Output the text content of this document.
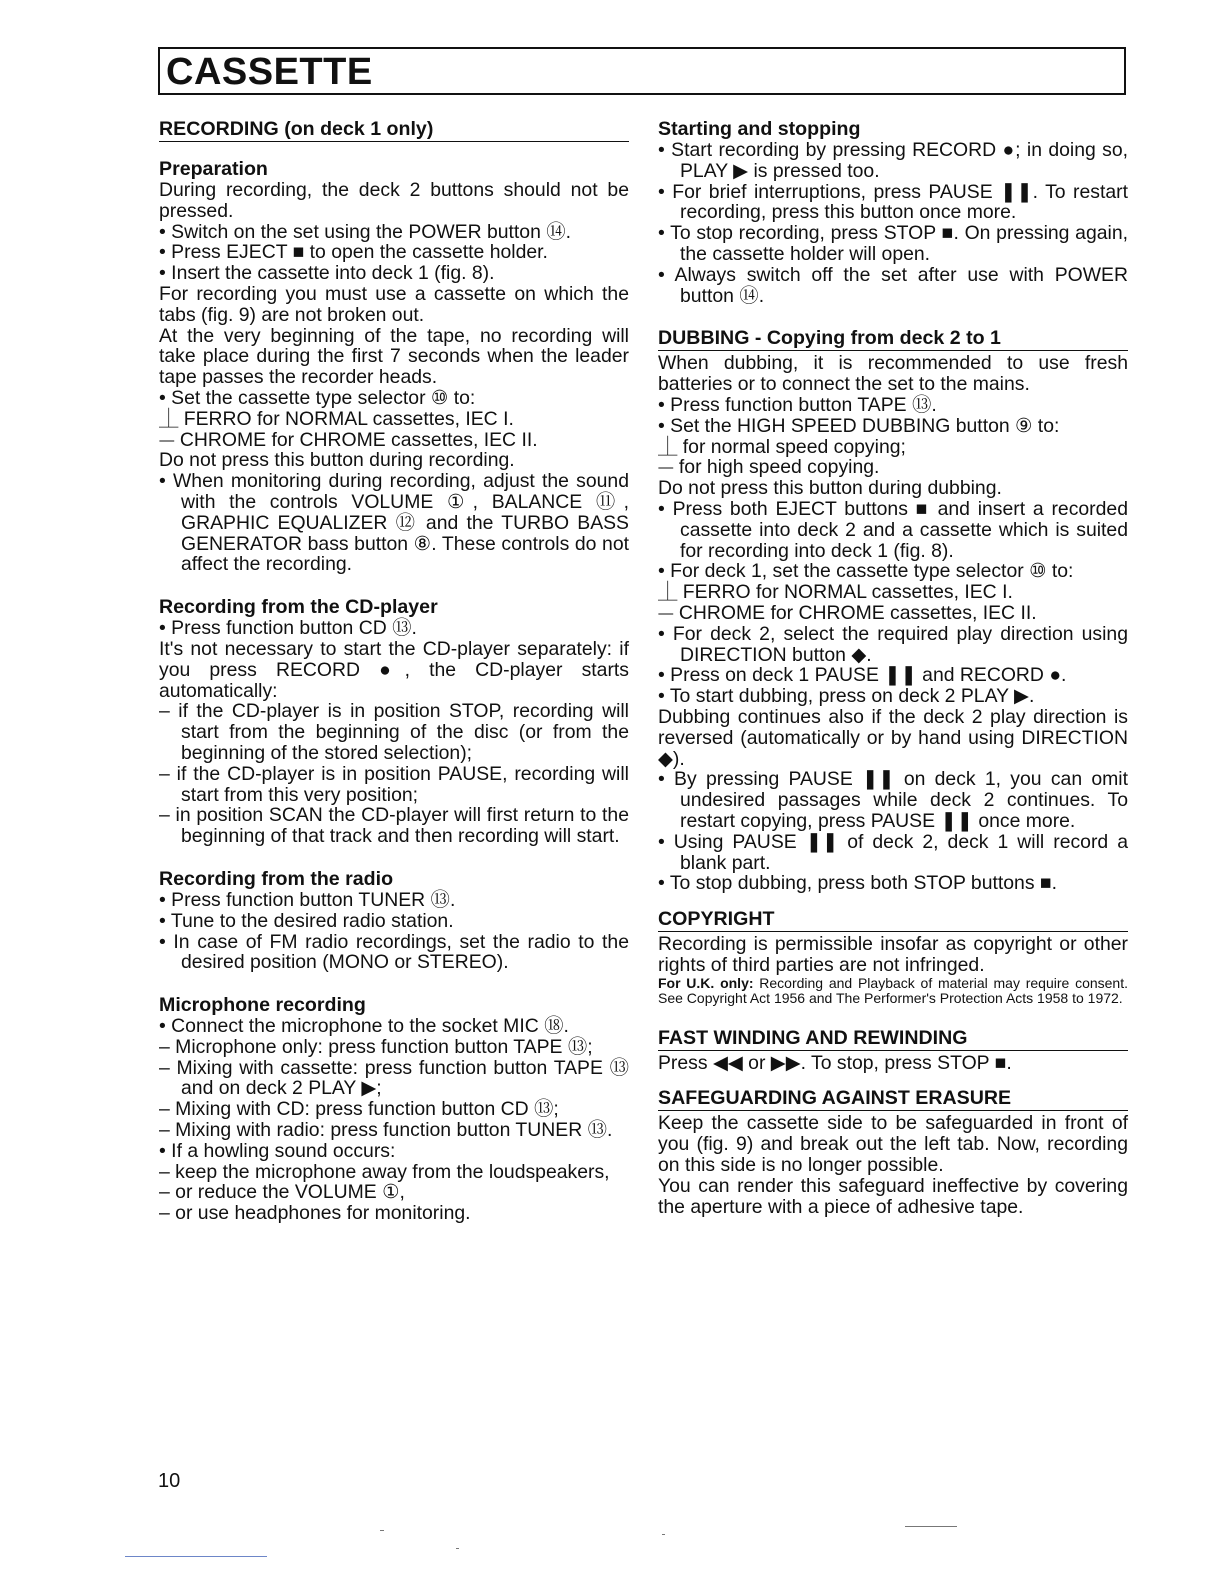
CASSETTE
RECORDING (on deck 1 only)

Preparation

During recording, the deck 2 buttons should not be pressed.

• Switch on the set using the POWER button ⑭.

• Press EJECT ■ to open the cassette holder.

• Insert the cassette into deck 1 (fig. 8).

For recording you must use a cassette on which the tabs (fig. 9) are not broken out.

At the very beginning of the tape, no recording will take place during the first 7 seconds when the leader tape passes the recorder heads.

• Set the cassette type selector ⑩ to:

⏊ FERRO for NORMAL cassettes, IEC I.

⏤ CHROME for CHROME cassettes, IEC II.

Do not press this button during recording.

• When monitoring during recording, adjust the sound with the controls VOLUME ①, BALANCE ⑪, GRAPHIC EQUALIZER ⑫ and the TURBO BASS GENERATOR bass button ⑧. These controls do not affect the recording.

Recording from the CD-player

• Press function button CD ⑬.

It's not necessary to start the CD-player separately: if you press RECORD ●, the CD-player starts automatically:

– if the CD-player is in position STOP, recording will start from the beginning of the disc (or from the beginning of the stored selection);

– if the CD-player is in position PAUSE, recording will start from this very position;

– in position SCAN the CD-player will first return to the beginning of that track and then recording will start.

Recording from the radio

• Press function button TUNER ⑬.

• Tune to the desired radio station.

• In case of FM radio recordings, set the radio to the desired position (MONO or STEREO).

Microphone recording

• Connect the microphone to the socket MIC ⑱.

– Microphone only: press function button TAPE ⑬;

– Mixing with cassette: press function button TAPE ⑬ and on deck 2 PLAY ▶;

– Mixing with CD: press function button CD ⑬;

– Mixing with radio: press function button TUNER ⑬.

• If a howling sound occurs:

– keep the microphone away from the loudspeakers,

– or reduce the VOLUME ①,

– or use headphones for monitoring.

Starting and stopping

• Start recording by pressing RECORD ●; in doing so, PLAY ▶ is pressed too.

• For brief interruptions, press PAUSE ❚❚. To restart recording, press this button once more.

• To stop recording, press STOP ■. On pressing again, the cassette holder will open.

• Always switch off the set after use with POWER button ⑭.

DUBBING - Copying from deck 2 to 1

When dubbing, it is recommended to use fresh batteries or to connect the set to the mains.

• Press function button TAPE ⑬.

• Set the HIGH SPEED DUBBING button ⑨ to:

⏊ for normal speed copying;

⏤ for high speed copying.

Do not press this button during dubbing.

• Press both EJECT buttons ■ and insert a recorded cassette into deck 2 and a cassette which is suited for recording into deck 1 (fig. 8).

• For deck 1, set the cassette type selector ⑩ to:

⏊ FERRO for NORMAL cassettes, IEC I.

⏤ CHROME for CHROME cassettes, IEC II.

• For deck 2, select the required play direction using DIRECTION button ◆.

• Press on deck 1 PAUSE ❚❚ and RECORD ●.

• To start dubbing, press on deck 2 PLAY ▶.

Dubbing continues also if the deck 2 play direction is reversed (automatically or by hand using DIRECTION ◆).

• By pressing PAUSE ❚❚ on deck 1, you can omit undesired passages while deck 2 continues. To restart copying, press PAUSE ❚❚ once more.

• Using PAUSE ❚❚ of deck 2, deck 1 will record a blank part.

• To stop dubbing, press both STOP buttons ■.

COPYRIGHT

Recording is permissible insofar as copyright or other rights of third parties are not infringed.

For U.K. only: Recording and Playback of material may require consent. See Copyright Act 1956 and The Performer's Protection Acts 1958 to 1972.

FAST WINDING AND REWINDING

Press ◀◀ or ▶▶. To stop, press STOP ■.

SAFEGUARDING AGAINST ERASURE

Keep the cassette side to be safeguarded in front of you (fig. 9) and break out the left tab. Now, recording on this side is no longer possible.

You can render this safeguard ineffective by covering the aperture with a piece of adhesive tape.

10
